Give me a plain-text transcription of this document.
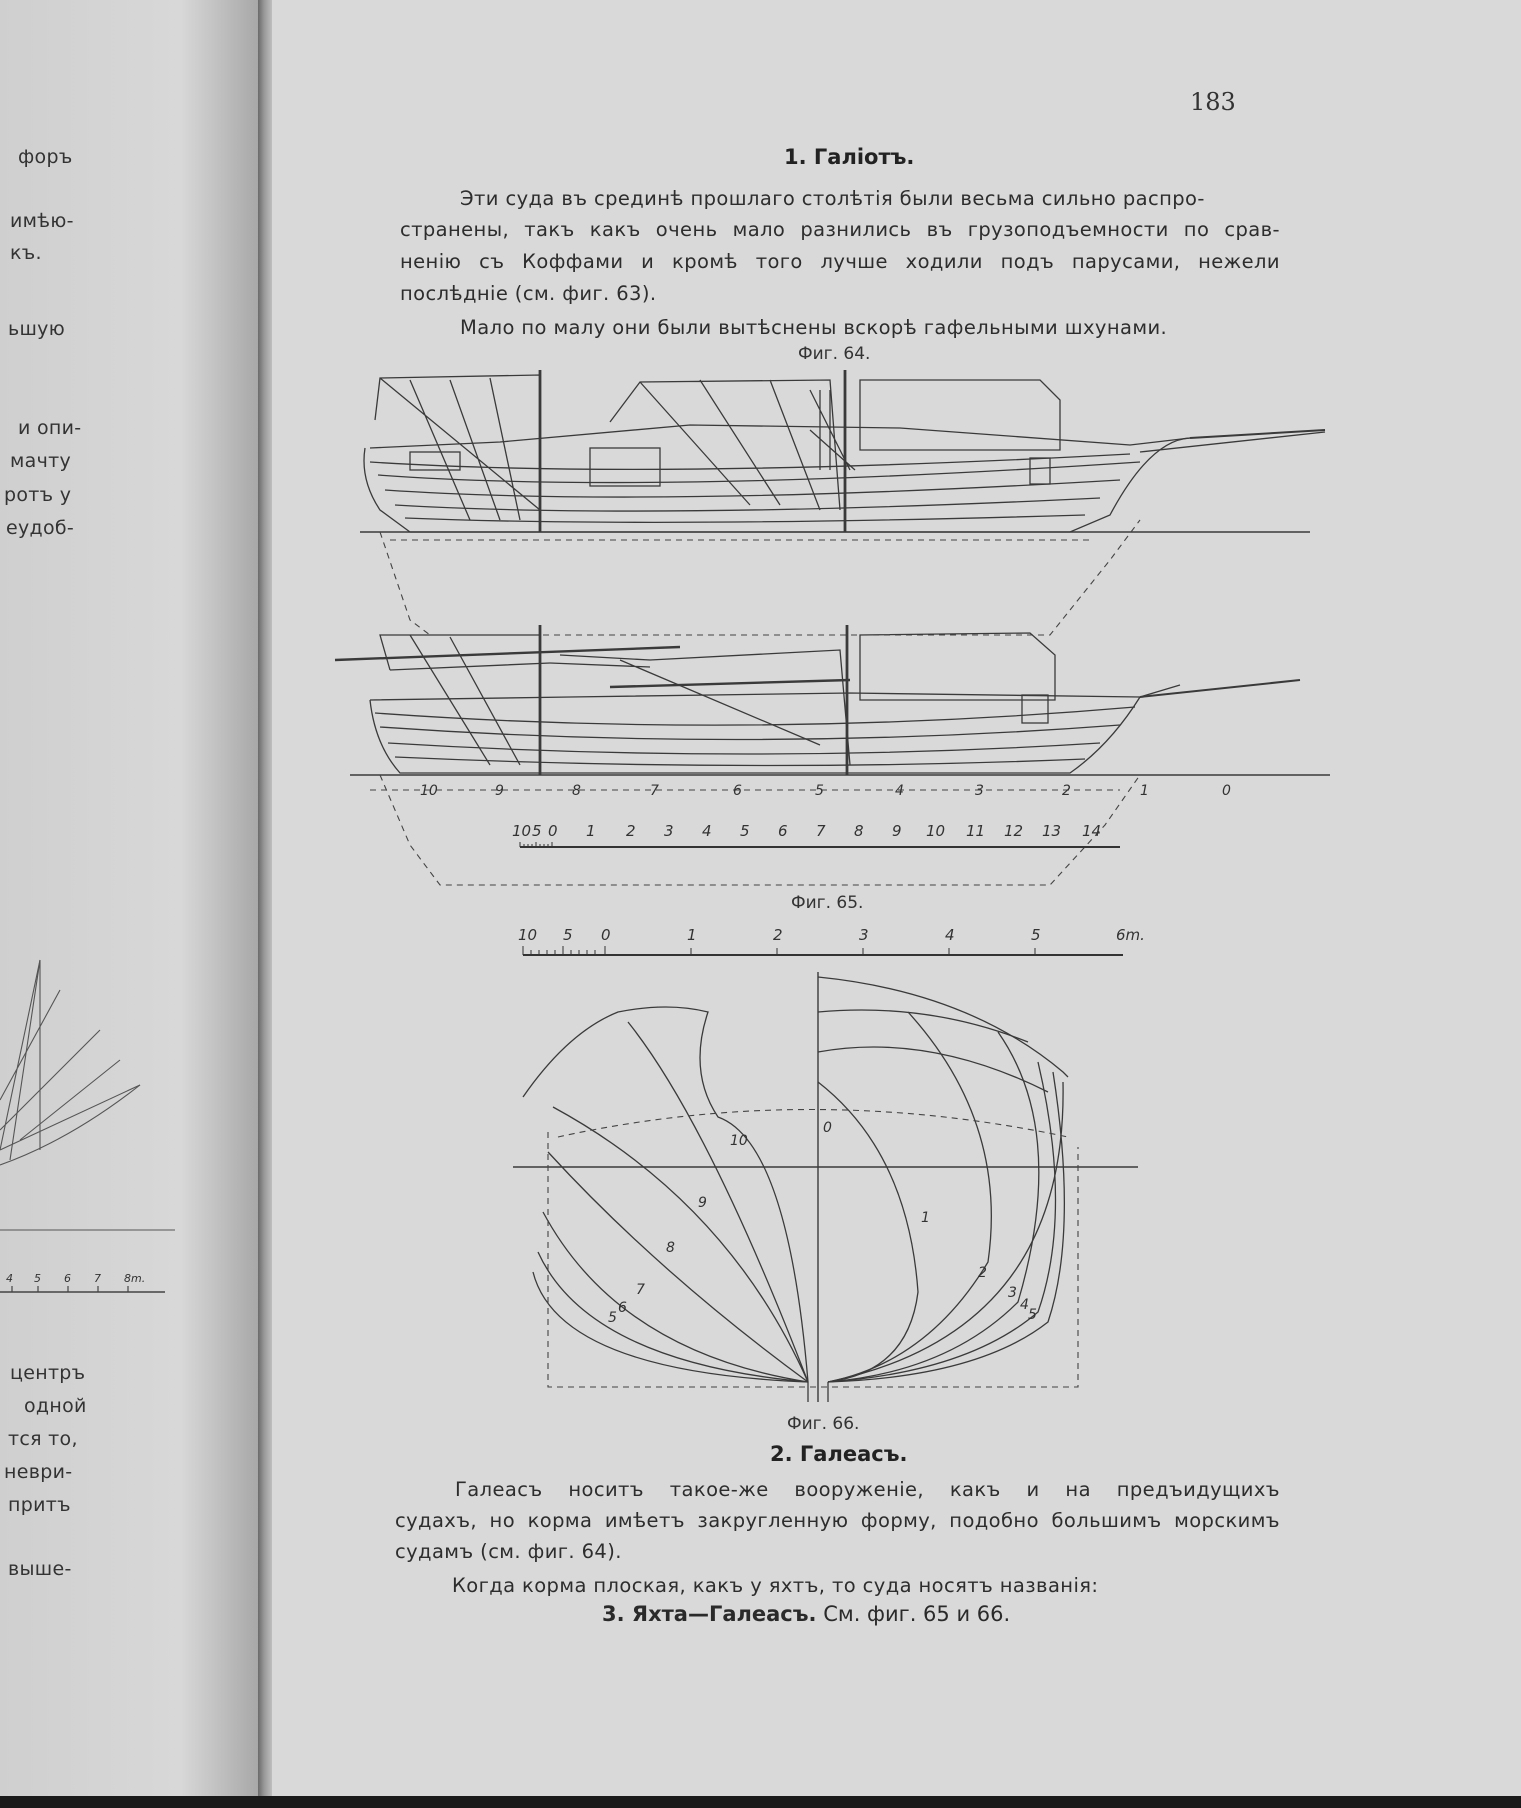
форъ
имѣю-
къ.
ьшую
и опи-
мачту
ротъ у
еудоб-
4 5 6 7 8m.
центръ
одной
тся то,
неври-
притъ
выше-
183
1. Галіотъ.
Эти суда въ срединѣ прошлаго столѣтія были весьма сильно распро-
странены, такъ какъ очень мало разнились въ грузоподъемности по срав-
ненію съ Коффами и кромѣ того лучше ходили подъ парусами, нежели
послѣдніе (см. фиг. 63).
Мало по малу они были вытѣснены вскорѣ гафельными шхунами.
Фиг. 64.
10	9	8	7	6	5	4	3	2	1	0
10 5 0 1 2 3 4 5 6 7 8 9 10 11 12 13 14
Фиг. 65.
10 5 0	1	2	3	4	5	6m.
10
9
8
7
6
5
0
1
2
3
4
5
Фиг. 66.
2. Галеасъ.
Галеасъ носитъ такое-же вооруженіе, какъ и на предъидущихъ
судахъ, но корма имѣетъ закругленную форму, подобно большимъ морскимъ
судамъ (см. фиг. 64).
Когда корма плоская, какъ у яхтъ, то суда носятъ названія:
3. Яхта—Галеасъ. См. фиг. 65 и 66.
